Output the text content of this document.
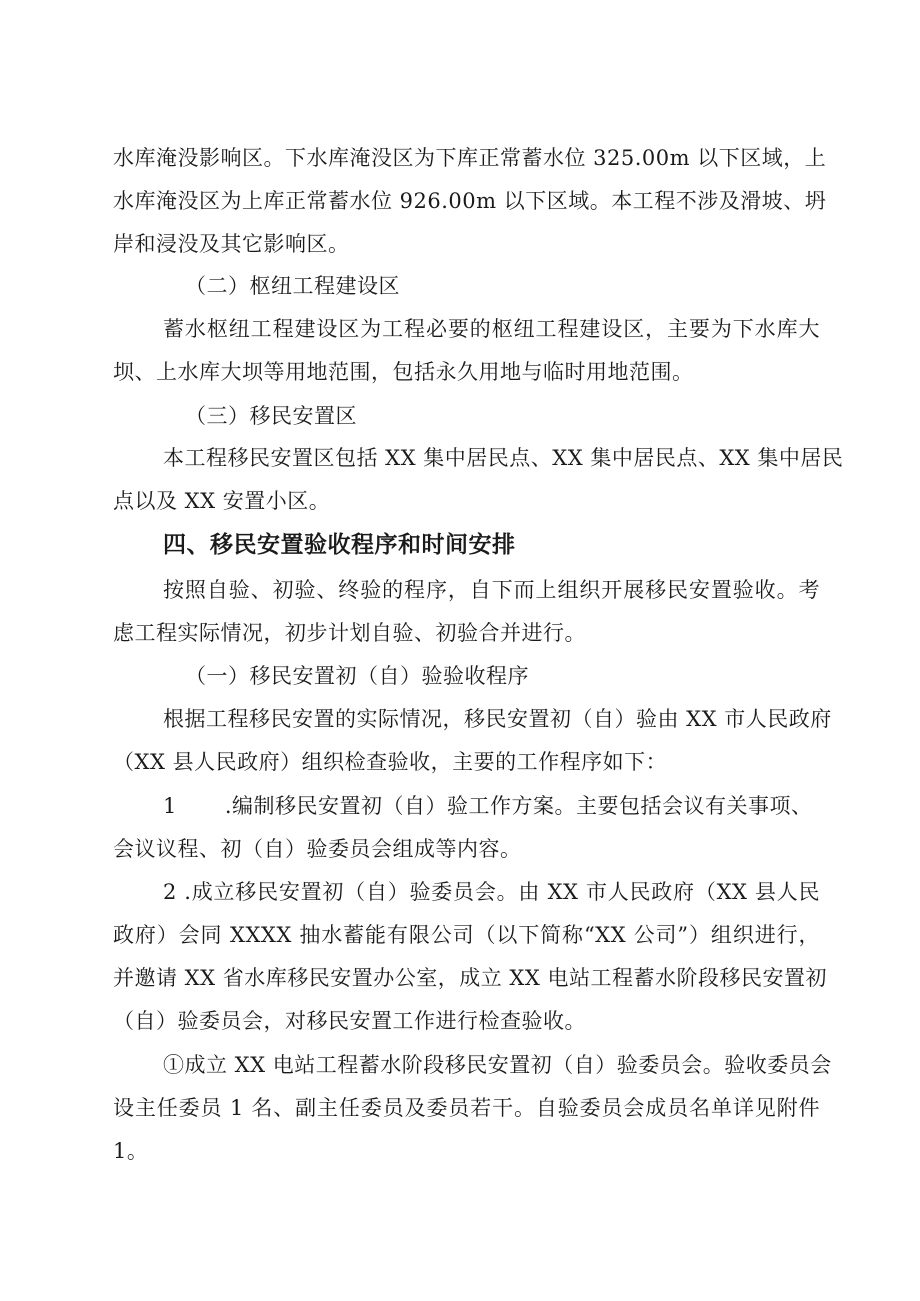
水库淹没影响区。下水库淹没区为下库正常蓄水位 325.00m 以下区域，上
水库淹没区为上库正常蓄水位 926.00m 以下区域。本工程不涉及滑坡、坍
岸和浸没及其它影响区。
（二）枢纽工程建设区
蓄水枢纽工程建设区为工程必要的枢纽工程建设区，主要为下水库大
坝、上水库大坝等用地范围，包括永久用地与临时用地范围。
（三）移民安置区
本工程移民安置区包括 XX 集中居民点、XX 集中居民点、XX 集中居民
点以及 XX 安置小区。
四、移民安置验收程序和时间安排
按照自验、初验、终验的程序，自下而上组织开展移民安置验收。考
虑工程实际情况，初步计划自验、初验合并进行。
（一）移民安置初（自）验验收程序
根据工程移民安置的实际情况，移民安置初（自）验由 XX 市人民政府
（XX 县人民政府）组织检查验收，主要的工作程序如下：
1 .编制移民安置初（自）验工作方案。主要包括会议有关事项、
会议议程、初（自）验委员会组成等内容。
2 .成立移民安置初（自）验委员会。由 XX 市人民政府（XX 县人民
政府）会同 XXXX 抽水蓄能有限公司（以下简称“XX 公司”）组织进行，
并邀请 XX 省水库移民安置办公室，成立 XX 电站工程蓄水阶段移民安置初
（自）验委员会，对移民安置工作进行检查验收。
①成立 XX 电站工程蓄水阶段移民安置初（自）验委员会。验收委员会
设主任委员 1 名、副主任委员及委员若干。自验委员会成员名单详见附件
1。
